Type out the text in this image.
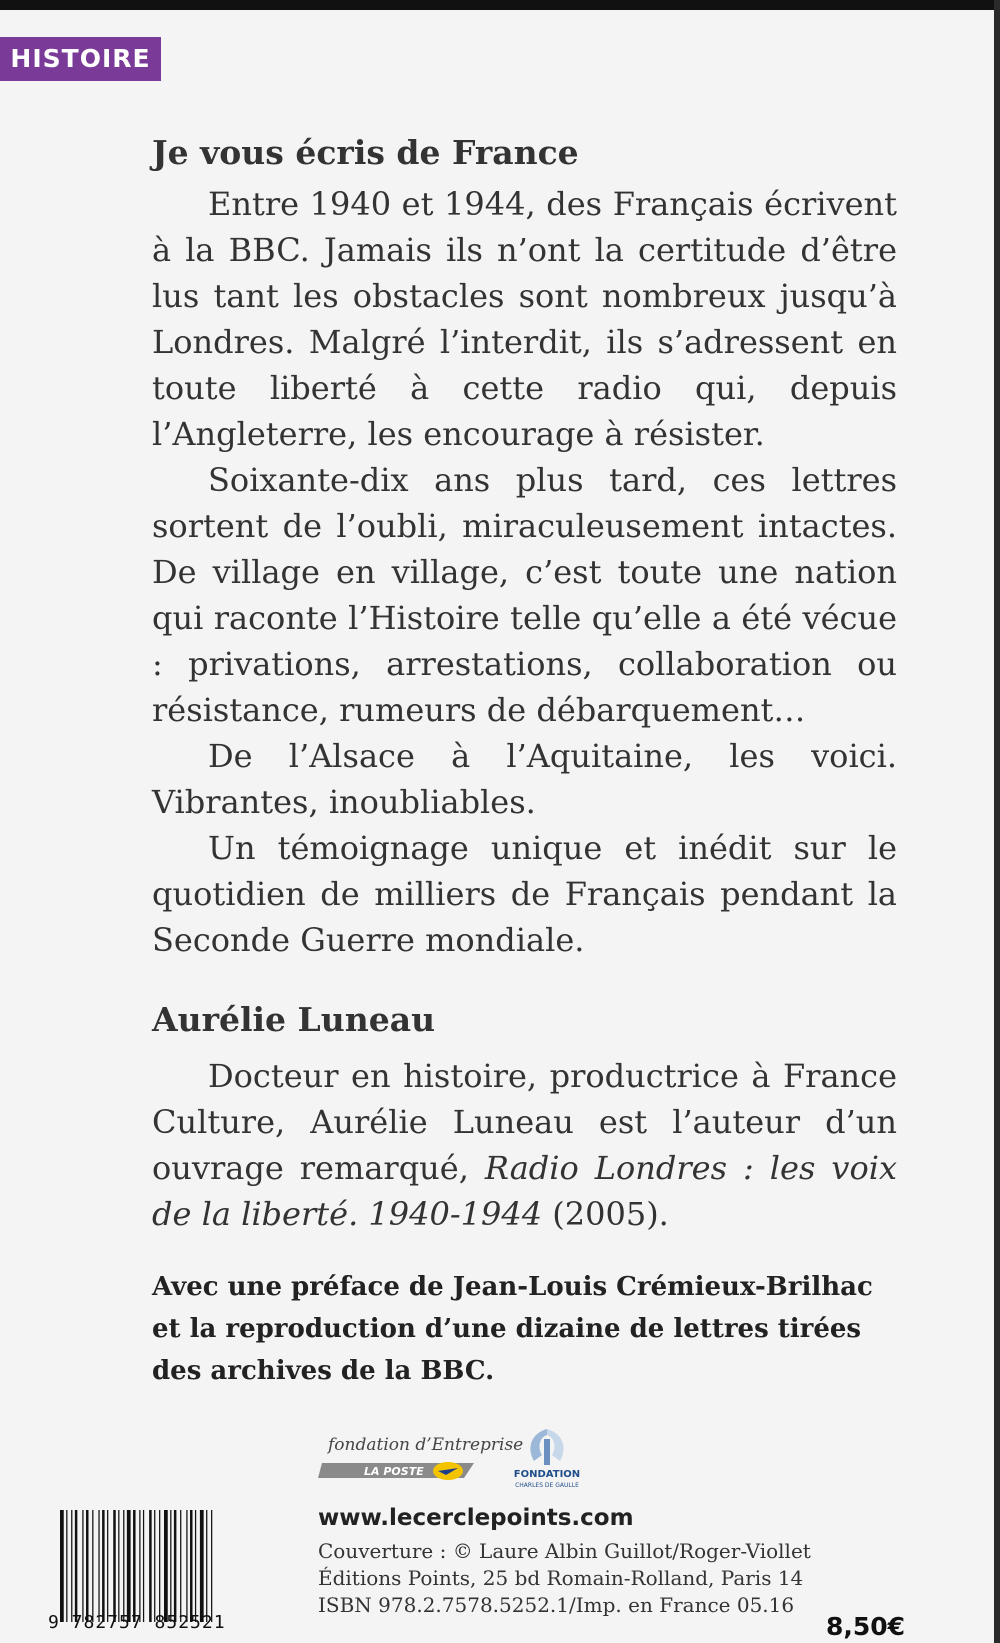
HISTOIRE
Je vous écris de France

Entre 1940 et 1944, des Français écrivent à la BBC. Jamais ils n’ont la certitude d’être lus tant les obstacles sont nombreux jusqu’à Londres. Malgré l’interdit, ils s’adressent en toute liberté à cette radio qui, depuis l’Angleterre, les encourage à résister.

Soixante-dix ans plus tard, ces lettres sortent de l’oubli, miraculeusement intactes. De village en village, c’est toute une nation qui raconte l’Histoire telle qu’elle a été vécue : privations, arrestations, collaboration ou résistance, rumeurs de débarquement…

De l’Alsace à l’Aquitaine, les voici. Vibrantes, inoubliables.

Un témoignage unique et inédit sur le quotidien de milliers de Français pendant la Seconde Guerre mondiale.

Aurélie Luneau

Docteur en histoire, productrice à France Culture, Aurélie Luneau est l’auteur d’un ouvrage remarqué, Radio Londres : les voix de la liberté. 1940-1944 (2005).

Avec une préface de Jean-Louis Crémieux-Brilhac et la reproduction d’une dizaine de lettres tirées des archives de la BBC.
fondation d’Entreprise
LA POSTE	FONDATION
CHARLES DE GAULLE
9 782757 852521
www.lecerclepoints.com
Couverture : © Laure Albin Guillot/Roger-Viollet
Éditions Points, 25 bd Romain-Rolland, Paris 14
ISBN 978.2.7578.5252.1/Imp. en France 05.16
8,50€
